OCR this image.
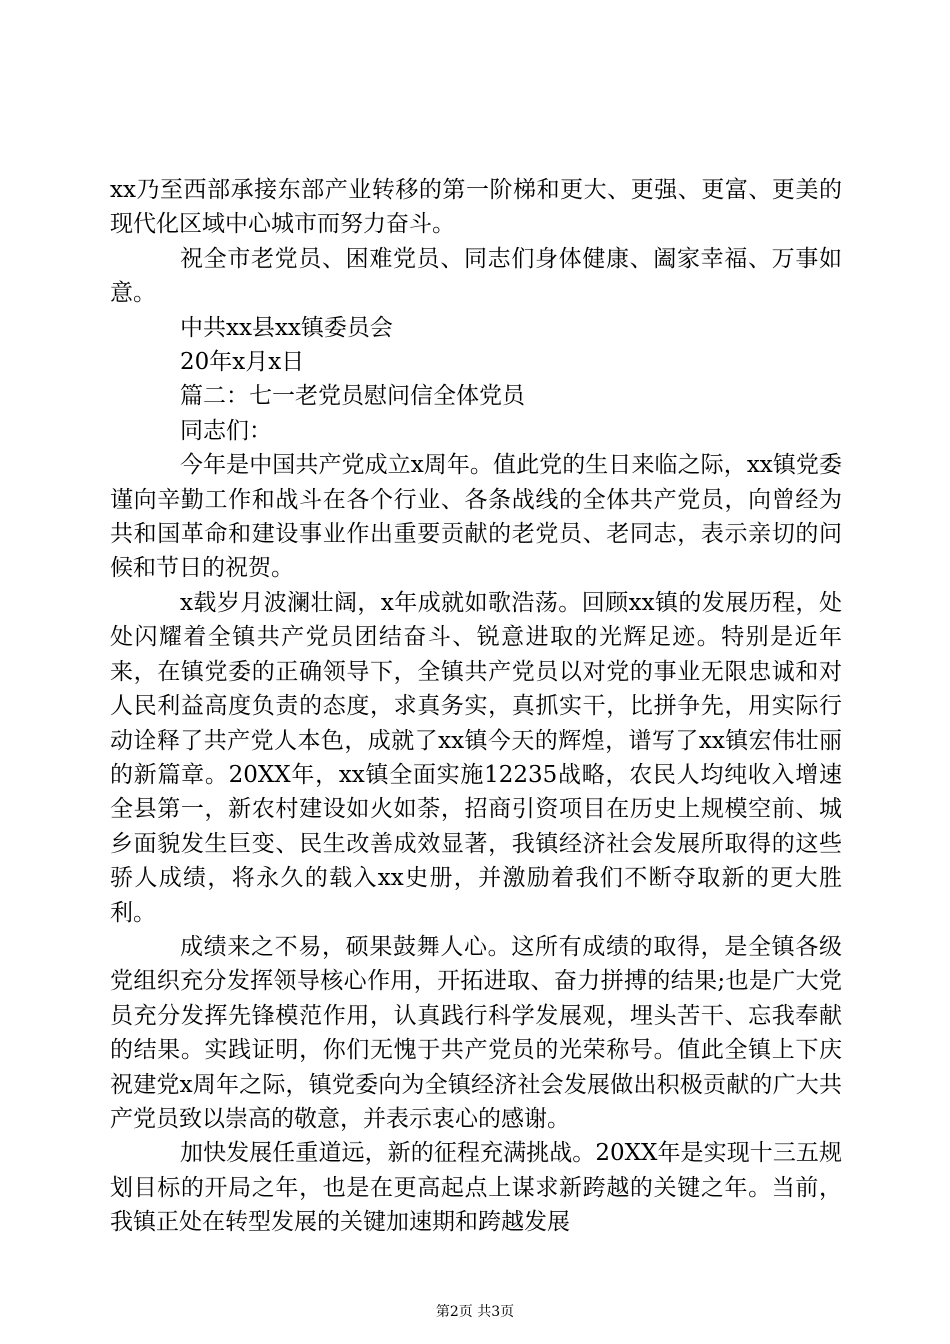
xx乃至西部承接东部产业转移的第一阶梯和更大、更强、更富、更美的现代化区域中心城市而努力奋斗。

祝全市老党员、困难党员、同志们身体健康、阖家幸福、万事如意。

中共xx县xx镇委员会

20年x月x日

篇二：七一老党员慰问信全体党员

同志们：

今年是中国共产党成立x周年。值此党的生日来临之际，xx镇党委谨向辛勤工作和战斗在各个行业、各条战线的全体共产党员，向曾经为共和国革命和建设事业作出重要贡献的老党员、老同志，表示亲切的问候和节日的祝贺。

x载岁月波澜壮阔，x年成就如歌浩荡。回顾xx镇的发展历程，处处闪耀着全镇共产党员团结奋斗、锐意进取的光辉足迹。特别是近年来，在镇党委的正确领导下，全镇共产党员以对党的事业无限忠诚和对人民利益高度负责的态度，求真务实，真抓实干，比拼争先，用实际行动诠释了共产党人本色，成就了xx镇今天的辉煌，谱写了xx镇宏伟壮丽的新篇章。20XX年，xx镇全面实施12235战略，农民人均纯收入增速全县第一，新农村建设如火如荼，招商引资项目在历史上规模空前、城乡面貌发生巨变、民生改善成效显著，我镇经济社会发展所取得的这些骄人成绩，将永久的载入xx史册，并激励着我们不断夺取新的更大胜利。

成绩来之不易，硕果鼓舞人心。这所有成绩的取得，是全镇各级党组织充分发挥领导核心作用，开拓进取、奋力拼搏的结果;也是广大党员充分发挥先锋模范作用，认真践行科学发展观，埋头苦干、忘我奉献的结果。实践证明，你们无愧于共产党员的光荣称号。值此全镇上下庆祝建党x周年之际，镇党委向为全镇经济社会发展做出积极贡献的广大共产党员致以崇高的敬意，并表示衷心的感谢。

加快发展任重道远，新的征程充满挑战。20XX年是实现十三五规划目标的开局之年，也是在更高起点上谋求新跨越的关键之年。当前，我镇正处在转型发展的关键加速期和跨越发展

第2页 共3页
